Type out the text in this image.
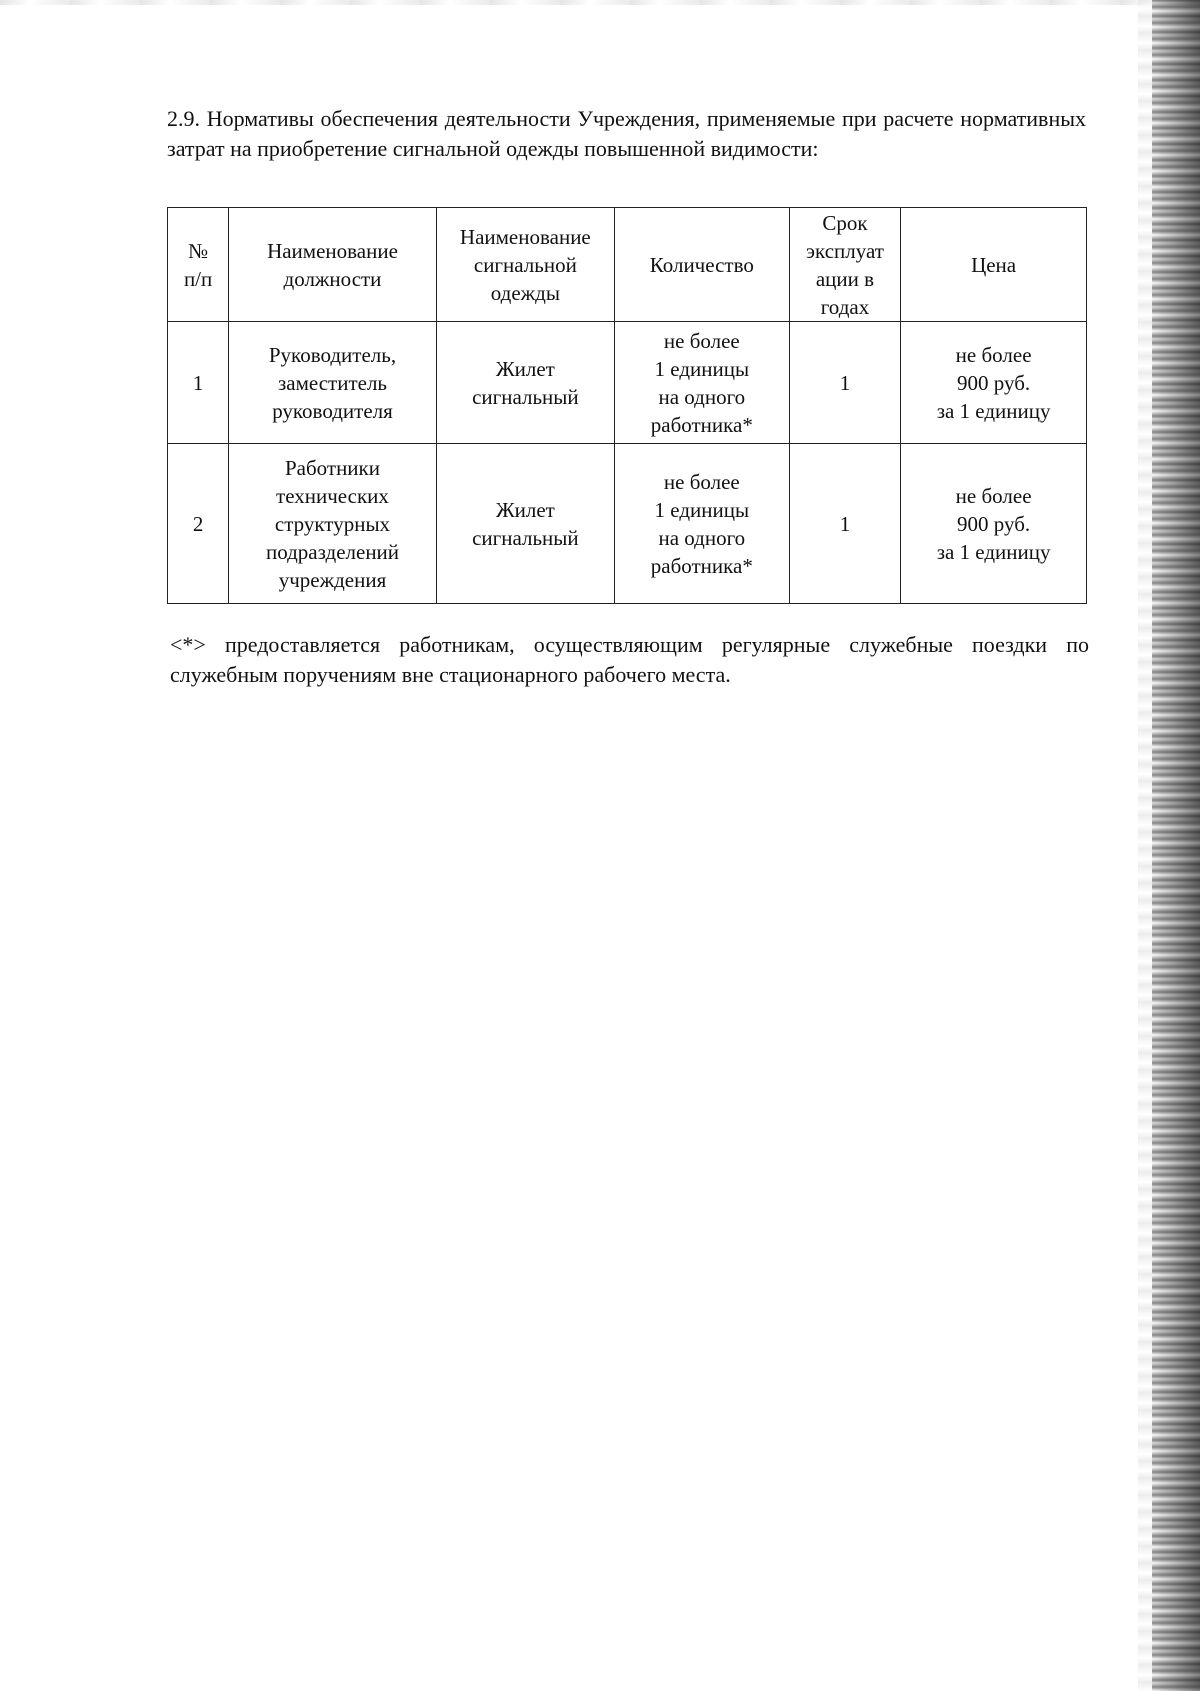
2.9. Нормативы обеспечения деятельности Учреждения, применяемые при расчете нормативных затрат на приобретение сигнальной одежды повышенной видимости:

№
п/п	Наименование
должности	Наименование
сигнальной
одежды	Количество	Срок
эксплуат
ации в
годах	Цена

1	Руководитель,
заместитель
руководителя	Жилет
сигнальный	не более
1 единицы
на одного
работника*	1	не более
900 руб.
за 1 единицу

2	Работники
технических
структурных
подразделений
учреждения	Жилет
сигнальный	не более
1 единицы
на одного
работника*	1	не более
900 руб.
за 1 единицу

<*> предоставляется работникам, осуществляющим регулярные служебные поездки по служебным поручениям вне стационарного рабочего места.
